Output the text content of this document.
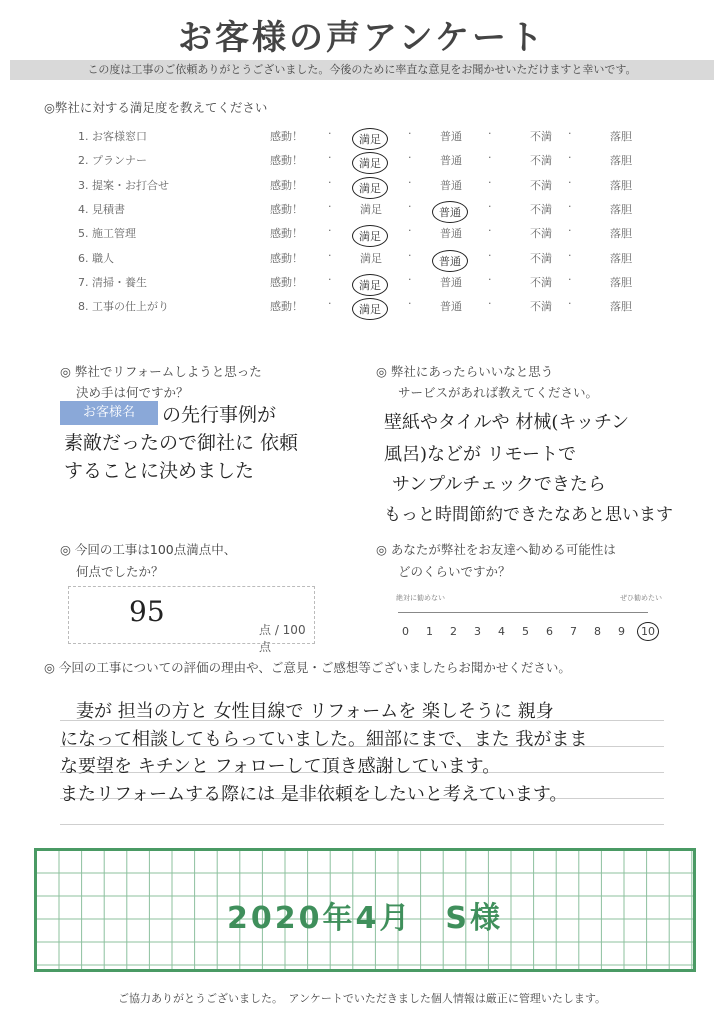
お客様の声アンケート
この度は工事のご依頼ありがとうございました。今後のために率直な意見をお聞かせいただけますと幸いです。
◎弊社に対する満足度を教えてください
1. お客様窓口	感動！	満足	普通	不満	落胆
·	·	·	·
2. プランナー	感動！	満足	普通	不満	落胆
·	·	·	·
3. 提案・お打合せ	感動！	満足	普通	不満	落胆
·	·	·	·
4. 見積書	感動！	満足	普通	不満	落胆
·	·	·	·
5. 施工管理	感動！	満足	普通	不満	落胆
·	·	·	·
6. 職人	感動！	満足	普通	不満	落胆
·	·	·	·
7. 清掃・養生	感動！	満足	普通	不満	落胆
·	·	·	·
8. 工事の仕上がり	感動！	満足	普通	不満	落胆
·	·	·	·
◎ 弊社でリフォームしようと思った
決め手は何ですか？
お客様名	の先行事例が
素敵だったので御社に 依頼
することに決めました
◎ 弊社にあったらいいなと思う
サービスがあれば教えてください。
壁紙やタイルや 材械(キッチン
風呂)などが リモートで
サンプルチェックできたら
もっと時間節約できたなあと思います
◎ 今回の工事は100点満点中、
何点でしたか？
95
点 / 100点
◎ あなたが弊社をお友達へ勧める可能性は
どのくらいですか？
絶対に勧めない	ぜひ勧めたい
0 1 2 3 4 5 6 7 8 9	10
◎ 今回の工事についての評価の理由や、ご意見・ご感想等ございましたらお聞かせください。
妻が 担当の方と 女性目線で リフォームを 楽しそうに 親身
になって相談してもらっていました。細部にまで、また 我がまま
な要望を キチンと フォローして頂き感謝しています。
またリフォームする際には 是非依頼をしたいと考えています。
2020年4月　S様
ご協力ありがとうございました。　アンケートでいただきました個人情報は厳正に管理いたします。
